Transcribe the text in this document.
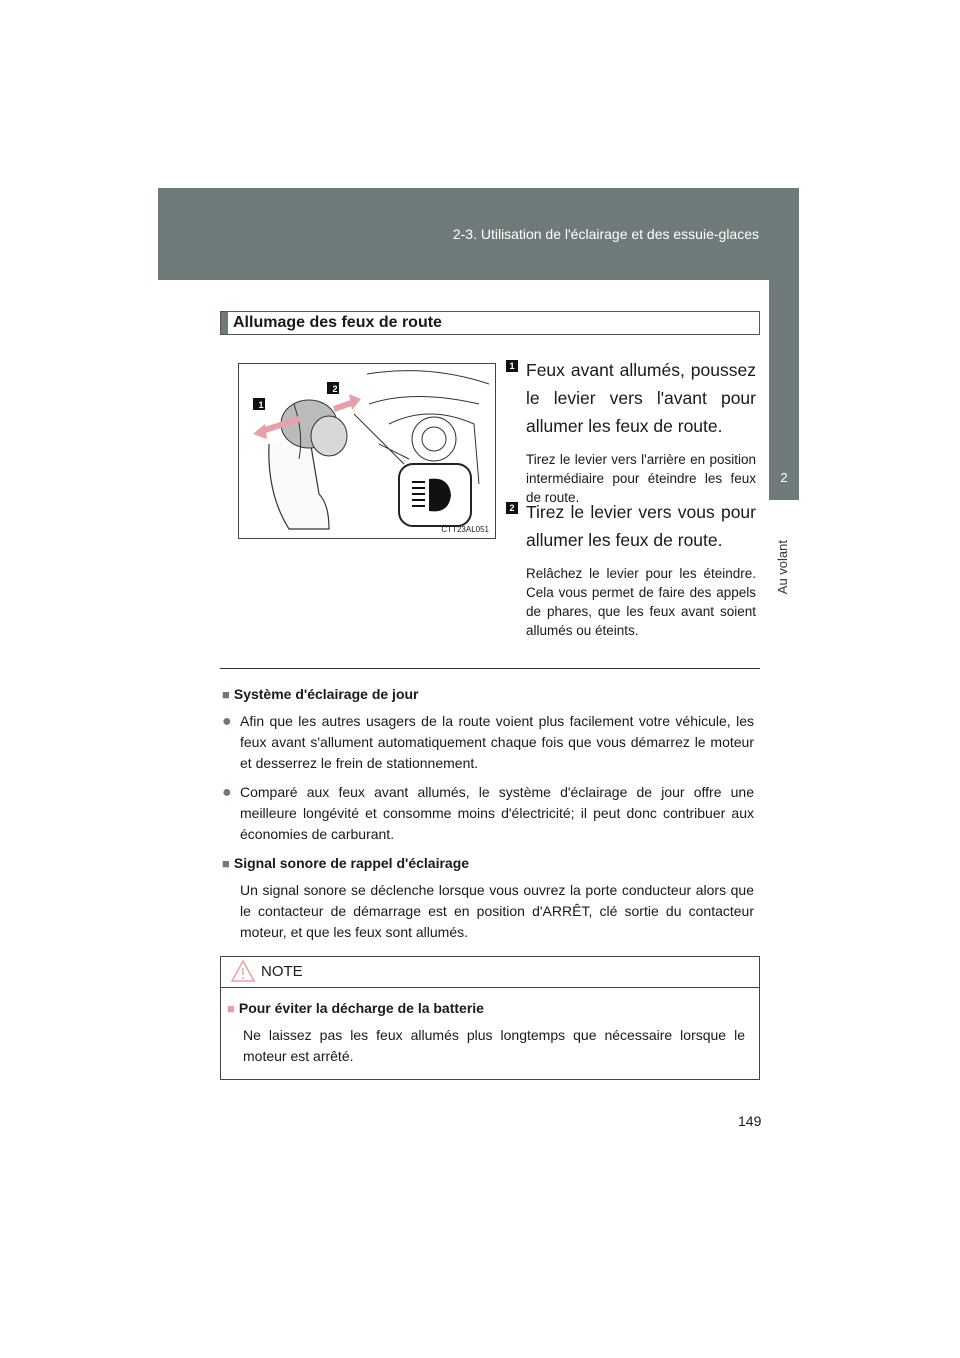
2-3. Utilisation de l'éclairage et des essuie-glaces
2
Au volant
Allumage des feux de route
1
2
CTT23AL051
1 Feux avant allumés, poussez le levier vers l'avant pour allumer les feux de route.
Tirez le levier vers l'arrière en position intermédiaire pour éteindre les feux de route.
2 Tirez le levier vers vous pour allumer les feux de route.
Relâchez le levier pour les éteindre. Cela vous permet de faire des appels de phares, que les feux avant soient allumés ou éteints.
■ Système d'éclairage de jour
● Afin que les autres usagers de la route voient plus facilement votre véhicule, les feux avant s'allument automatiquement chaque fois que vous démarrez le moteur et desserrez le frein de stationnement.
● Comparé aux feux avant allumés, le système d'éclairage de jour offre une meilleure longévité et consomme moins d'électricité; il peut donc contribuer aux économies de carburant.
■ Signal sonore de rappel d'éclairage
Un signal sonore se déclenche lorsque vous ouvrez la porte conducteur alors que le contacteur de démarrage est en position d'ARRÊT, clé sortie du contacteur moteur, et que les feux sont allumés.
NOTE
■ Pour éviter la décharge de la batterie
Ne laissez pas les feux allumés plus longtemps que nécessaire lorsque le moteur est arrêté.
149
